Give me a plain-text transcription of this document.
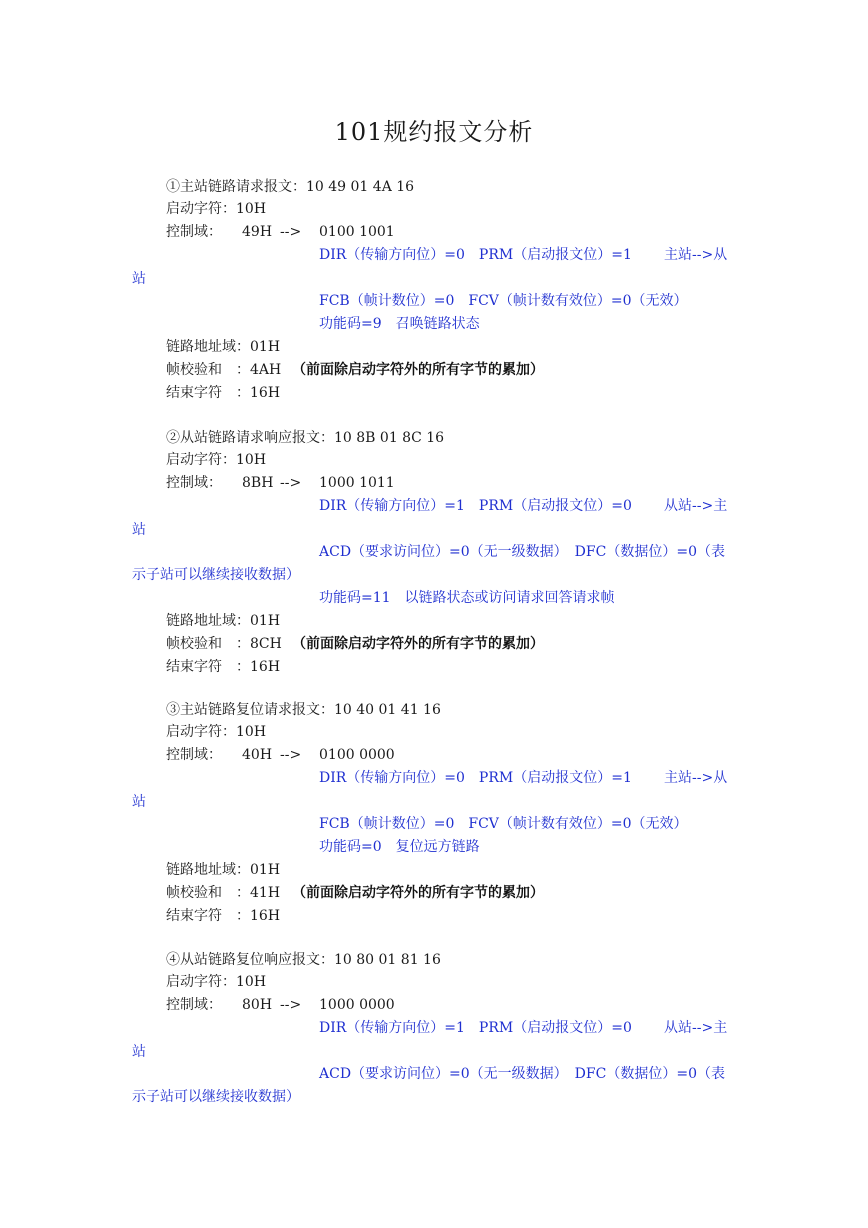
101规约报文分析
①主站链路请求报文：10 49 01 4A 16
启动字符：10H
控制域： 49H --> 0100 1001
DIR（传输方向位）=0　PRM（启动报文位）=1 主站-->从
站
FCB（帧计数位）=0　FCV（帧计数有效位）=0（无效）
功能码=9　召唤链路状态
链路地址域：01H
帧校验和　：4AH （前面除启动字符外的所有字节的累加）
结束字符　：16H
②从站链路请求响应报文：10 8B 01 8C 16
启动字符：10H
控制域： 8BH --> 1000 1011
DIR（传输方向位）=1　PRM（启动报文位）=0 从站-->主
站
ACD（要求访问位）=0（无一级数据）　DFC（数据位）=0（表
示子站可以继续接收数据）
功能码=11　以链路状态或访问请求回答请求帧
链路地址域：01H
帧校验和　：8CH （前面除启动字符外的所有字节的累加）
结束字符　：16H
③主站链路复位请求报文：10 40 01 41 16
启动字符：10H
控制域： 40H --> 0100 0000
DIR（传输方向位）=0　PRM（启动报文位）=1 主站-->从
站
FCB（帧计数位）=0　FCV（帧计数有效位）=0（无效）
功能码=0　复位远方链路
链路地址域：01H
帧校验和　：41H （前面除启动字符外的所有字节的累加）
结束字符　：16H
④从站链路复位响应报文：10 80 01 81 16
启动字符：10H
控制域： 80H --> 1000 0000
DIR（传输方向位）=1　PRM（启动报文位）=0 从站-->主
站
ACD（要求访问位）=0（无一级数据）　DFC（数据位）=0（表
示子站可以继续接收数据）
